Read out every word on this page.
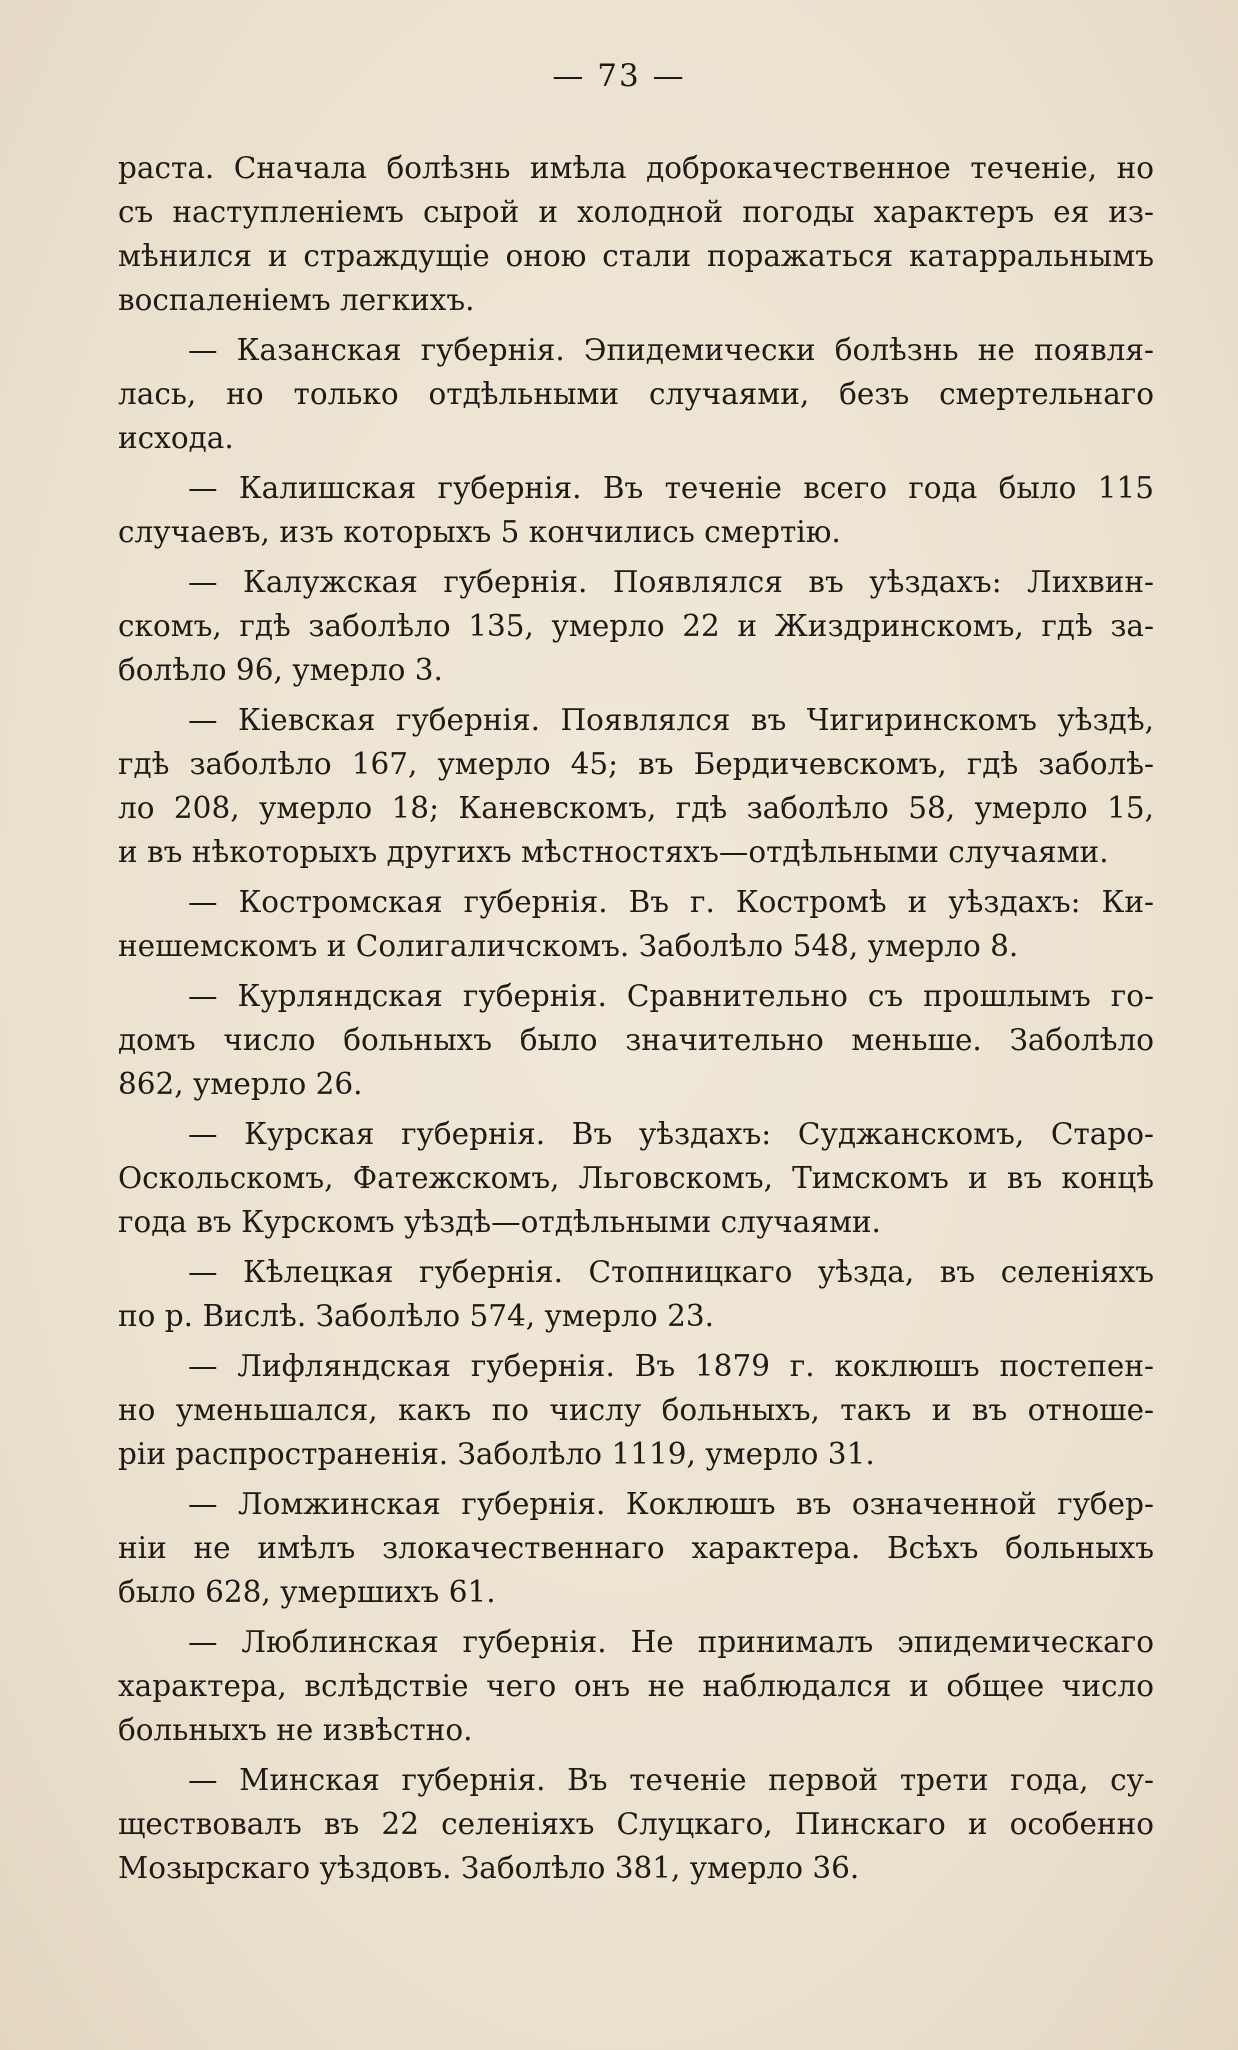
— 73 —
раста. Сначала болѣзнь имѣла доброкачественное теченіе, но
съ наступленіемъ сырой и холодной погоды характеръ ея из-
мѣнился и страждущіе оною стали поражаться катарральнымъ
воспаленіемъ легкихъ.
— Казанская губернія. Эпидемически болѣзнь не появля-
лась, но только отдѣльными случаями, безъ смертельнаго
исхода.
— Калишская губернія. Въ теченіе всего года было 115
случаевъ, изъ которыхъ 5 кончились смертію.
— Калужская губернія. Появлялся въ уѣздахъ: Лихвин-
скомъ, гдѣ заболѣло 135, умерло 22 и Жиздринскомъ, гдѣ за-
болѣло 96, умерло 3.
— Кіевская губернія. Появлялся въ Чигиринскомъ уѣздѣ,
гдѣ заболѣло 167, умерло 45; въ Бердичевскомъ, гдѣ заболѣ-
ло 208, умерло 18; Каневскомъ, гдѣ заболѣло 58, умерло 15,
и въ нѣкоторыхъ другихъ мѣстностяхъ—отдѣльными случаями.
— Костромская губернія. Въ г. Костромѣ и уѣздахъ: Ки-
нешемскомъ и Солигаличскомъ. Заболѣло 548, умерло 8.
— Курляндская губернія. Сравнительно съ прошлымъ го-
домъ число больныхъ было значительно меньше. Заболѣло
862, умерло 26.
— Курская губернія. Въ уѣздахъ: Суджанскомъ, Старо-
Оскольскомъ, Фатежскомъ, Льговскомъ, Тимскомъ и въ концѣ
года въ Курскомъ уѣздѣ—отдѣльными случаями.
— Кѣлецкая губернія. Стопницкаго уѣзда, въ селеніяхъ
по р. Вислѣ. Заболѣло 574, умерло 23.
— Лифляндская губернія. Въ 1879 г. коклюшъ постепен-
но уменьшался, какъ по числу больныхъ, такъ и въ отноше-
ріи распространенія. Заболѣло 1119, умерло 31.
— Ломжинская губернія. Коклюшъ въ означенной губер-
ніи не имѣлъ злокачественнаго характера. Всѣхъ больныхъ
было 628, умершихъ 61.
— Люблинская губернія. Не принималъ эпидемическаго
характера, вслѣдствіе чего онъ не наблюдался и общее число
больныхъ не извѣстно.
— Минская губернія. Въ теченіе первой трети года, су-
ществовалъ въ 22 селеніяхъ Слуцкаго, Пинскаго и особенно
Мозырскаго уѣздовъ. Заболѣло 381, умерло 36.
